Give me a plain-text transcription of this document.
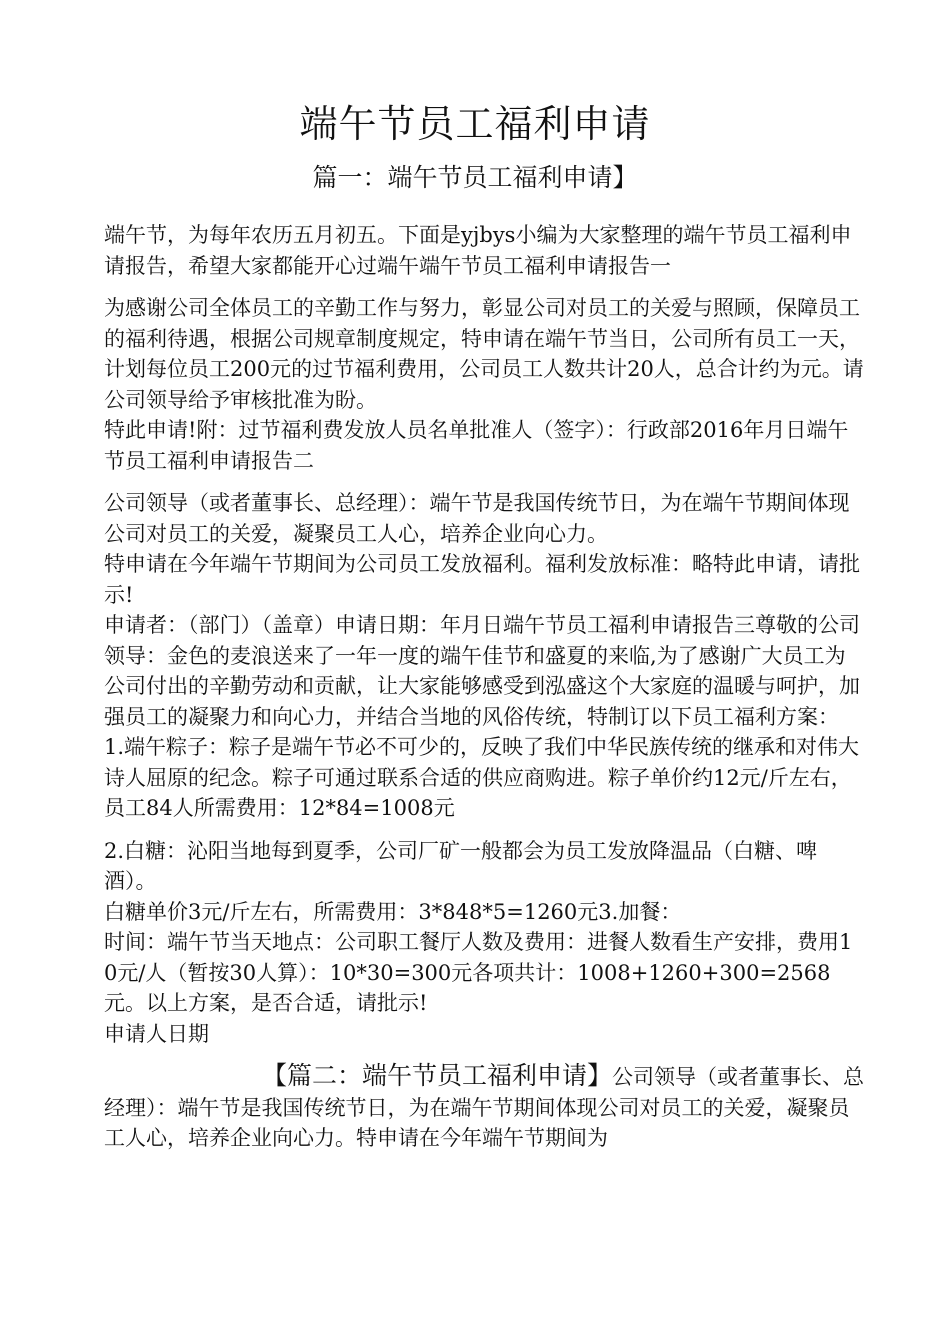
端午节员工福利申请
篇一：端午节员工福利申请】

端午节，为每年农历五月初五。下面是yjbys小编为大家整理的端午节员工福利申请报告，希望大家都能开心过端午端午节员工福利申请报告一

为感谢公司全体员工的辛勤工作与努力，彰显公司对员工的关爱与照顾，保障员工的福利待遇，根据公司规章制度规定，特申请在端午节当日，公司所有员工一天，计划每位员工200元的过节福利费用，公司员工人数共计20人，总合计约为元。请公司领导给予审核批准为盼。

特此申请!附：过节福利费发放人员名单批准人（签字）：行政部2016年月日端午节员工福利申请报告二

公司领导（或者董事长、总经理）：端午节是我国传统节日，为在端午节期间体现公司对员工的关爱，凝聚员工人心，培养企业向心力。

特申请在今年端午节期间为公司员工发放福利。福利发放标准：略特此申请，请批示!

申请者：（部门）（盖章）申请日期：年月日端午节员工福利申请报告三尊敬的公司领导：金色的麦浪送来了一年一度的端午佳节和盛夏的来临,为了感谢广大员工为公司付出的辛勤劳动和贡献，让大家能够感受到泓盛这个大家庭的温暖与呵护，加强员工的凝聚力和向心力，并结合当地的风俗传统，特制订以下员工福利方案：

1.端午粽子：粽子是端午节必不可少的，反映了我们中华民族传统的继承和对伟大诗人屈原的纪念。粽子可通过联系合适的供应商购进。粽子单价约12元/斤左右，员工84人所需费用：12*84=1008元

2.白糖：沁阳当地每到夏季，公司厂矿一般都会为员工发放降温品（白糖、啤酒）。

白糖单价3元/斤左右，所需费用：3*848*5=1260元3.加餐：

时间：端午节当天地点：公司职工餐厅人数及费用：进餐人数看生产安排，费用10元/人（暂按30人算）：10*30=300元各项共计：1008+1260+300=2568元。以上方案，是否合适，请批示!

申请人日期

【篇二：端午节员工福利申请】公司领导（或者董事长、总经理）：端午节是我国传统节日，为在端午节期间体现公司对员工的关爱，凝聚员工人心，培养企业向心力。特申请在今年端午节期间为
